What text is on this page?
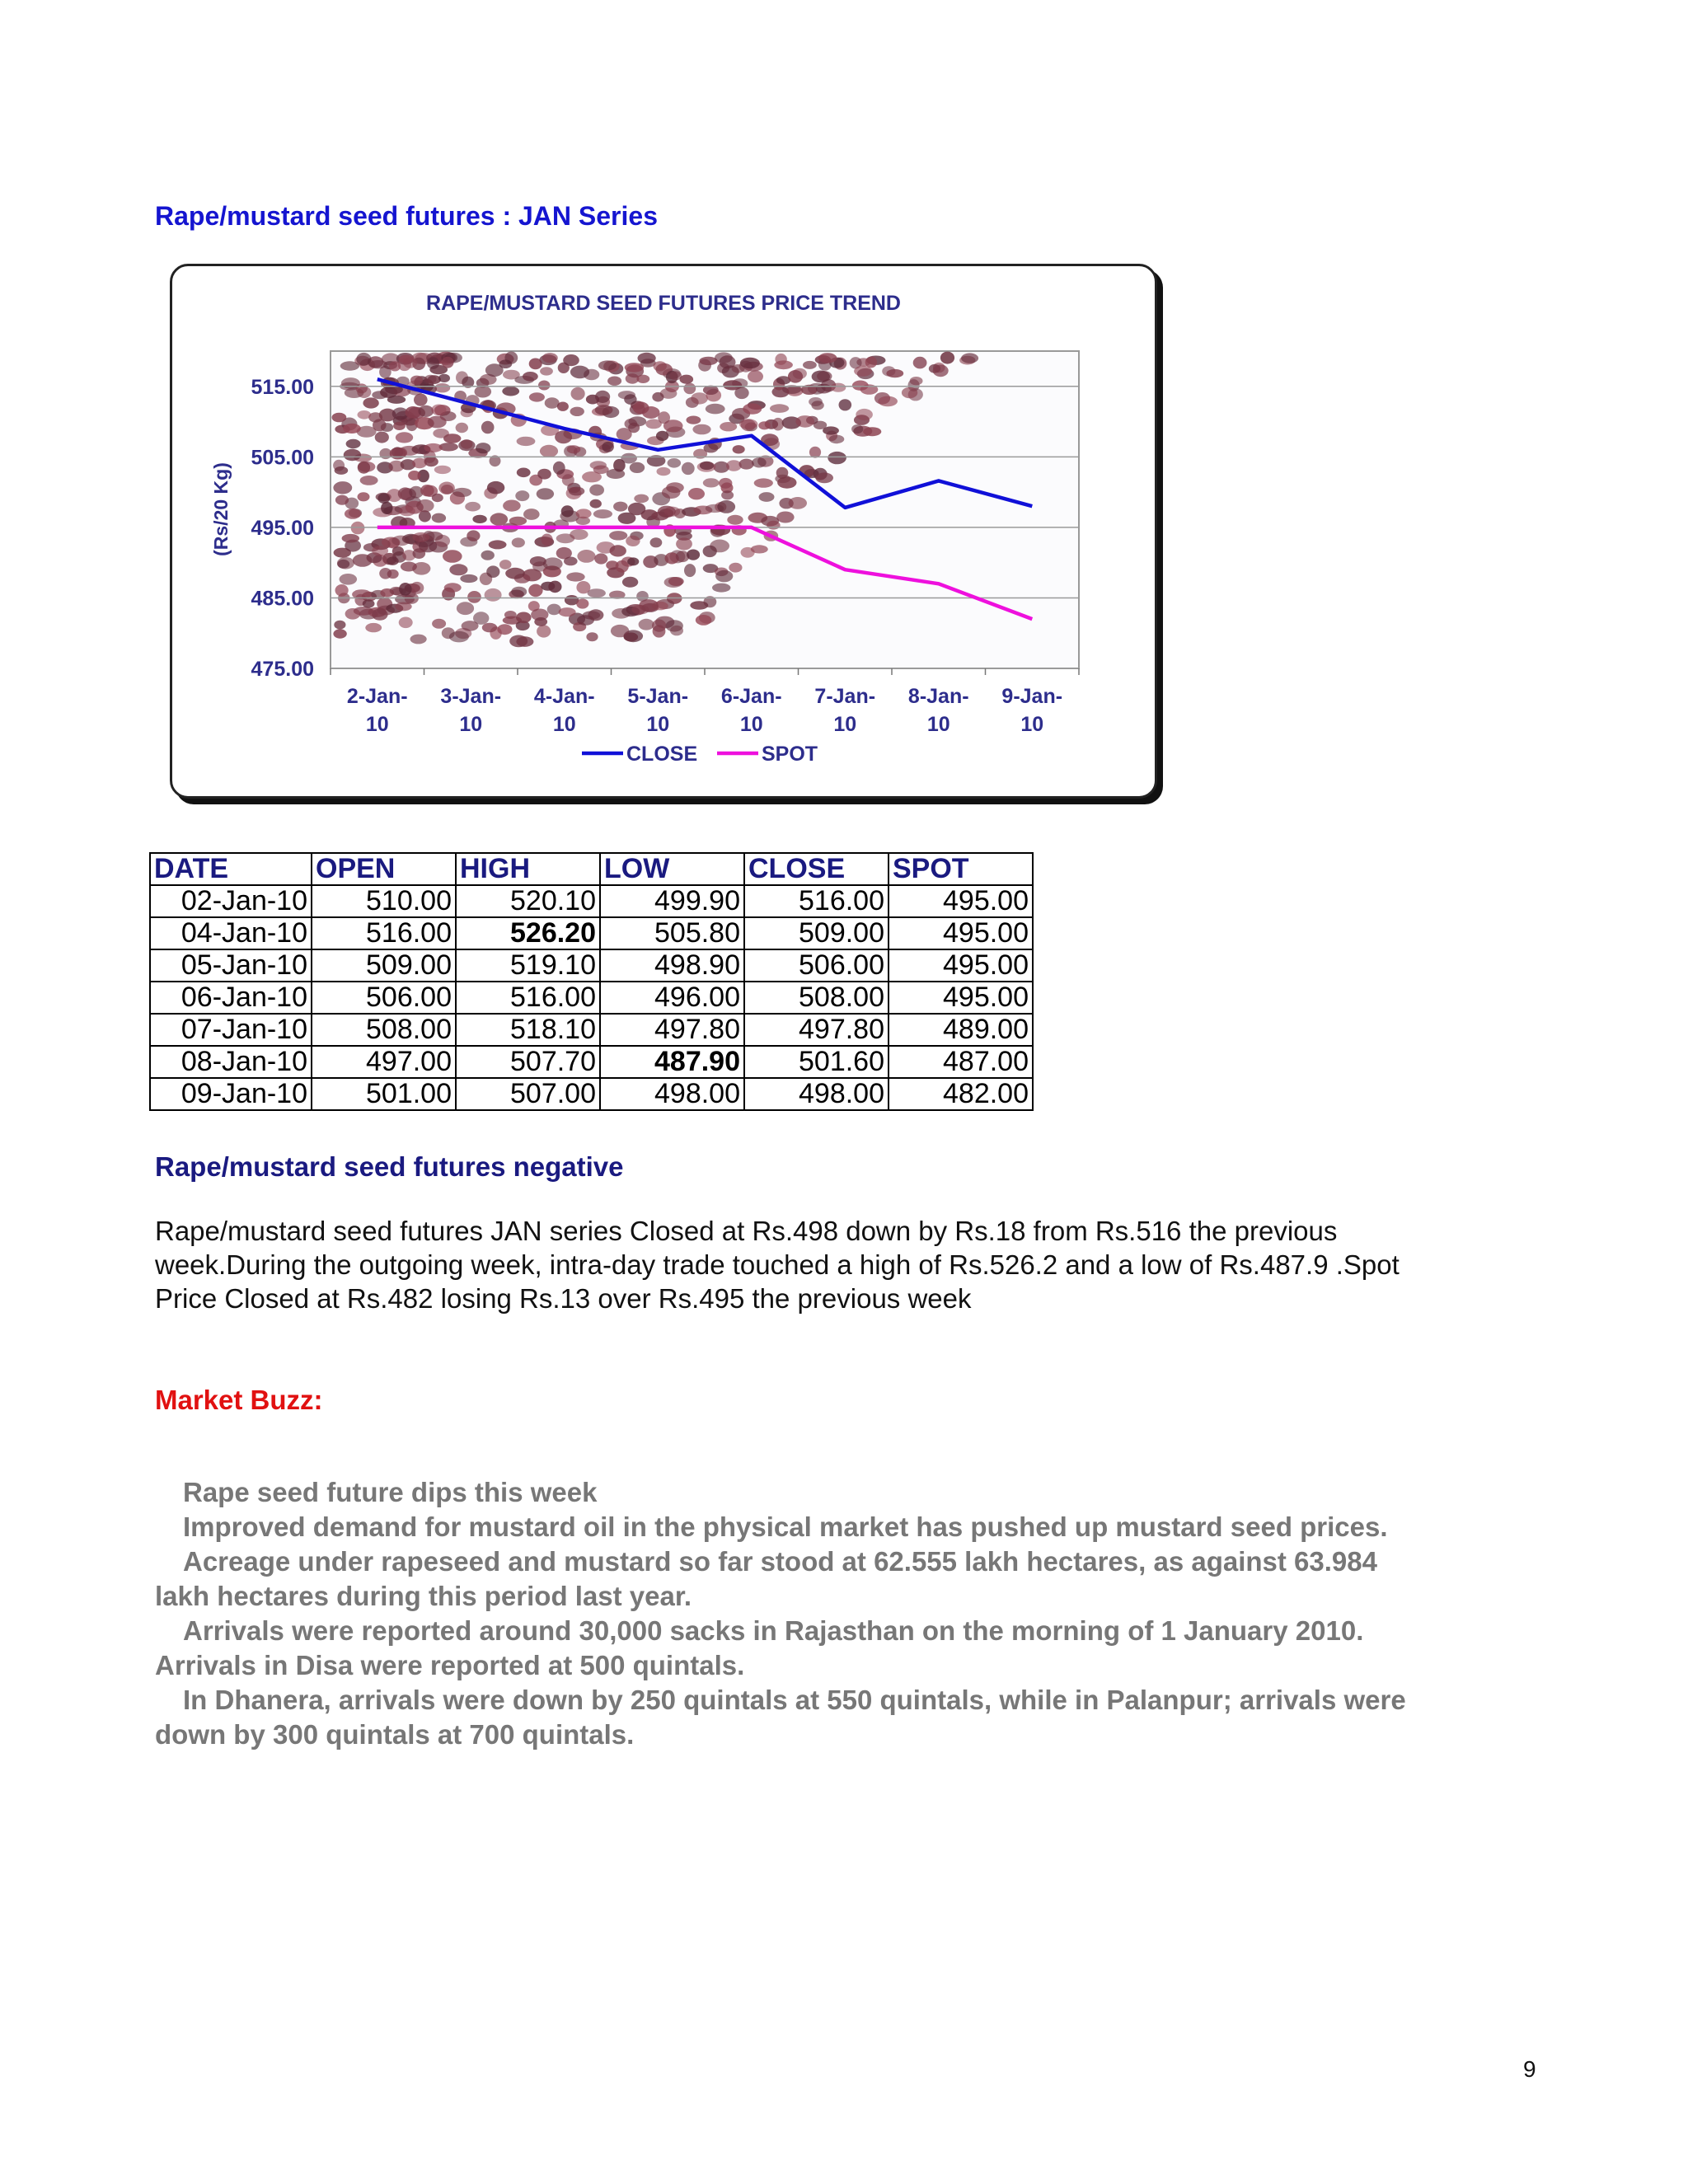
Rape/mustard seed futures : JAN Series
RAPE/MUSTARD SEED FUTURES PRICE TREND
515.00
505.00
495.00
485.00
475.00
(Rs/20 Kg)
2-Jan-
10
3-Jan-
10
4-Jan-
10
5-Jan-
10
6-Jan-
10
7-Jan-
10
8-Jan-
10
9-Jan-
10
CLOSE	SPOT
DATE	OPEN	HIGH	LOW	CLOSE	SPOT
02-Jan-10	510.00	520.10	499.90	516.00	495.00
04-Jan-10	516.00	526.20	505.80	509.00	495.00
05-Jan-10	509.00	519.10	498.90	506.00	495.00
06-Jan-10	506.00	516.00	496.00	508.00	495.00
07-Jan-10	508.00	518.10	497.80	497.80	489.00
08-Jan-10	497.00	507.70	487.90	501.60	487.00
09-Jan-10	501.00	507.00	498.00	498.00	482.00
Rape/mustard seed futures negative
Rape/mustard seed futures JAN series Closed at Rs.498 down by Rs.18 from Rs.516 the previous
week.During the outgoing week, intra-day trade touched a high of Rs.526.2 and a low of Rs.487.9 .Spot
Price Closed at Rs.482 losing Rs.13 over Rs.495 the previous week
Market Buzz:

Rape seed future dips this week

Improved demand for mustard oil in the physical market has pushed up mustard seed prices.

Acreage under rapeseed and mustard so far stood at 62.555 lakh hectares, as against 63.984

lakh hectares during this period last year.

Arrivals were reported around 30,000 sacks in Rajasthan on the morning of 1 January 2010.

Arrivals in Disa were reported at 500 quintals.

In Dhanera, arrivals were down by 250 quintals at 550 quintals, while in Palanpur; arrivals were

down by 300 quintals at 700 quintals.

9
